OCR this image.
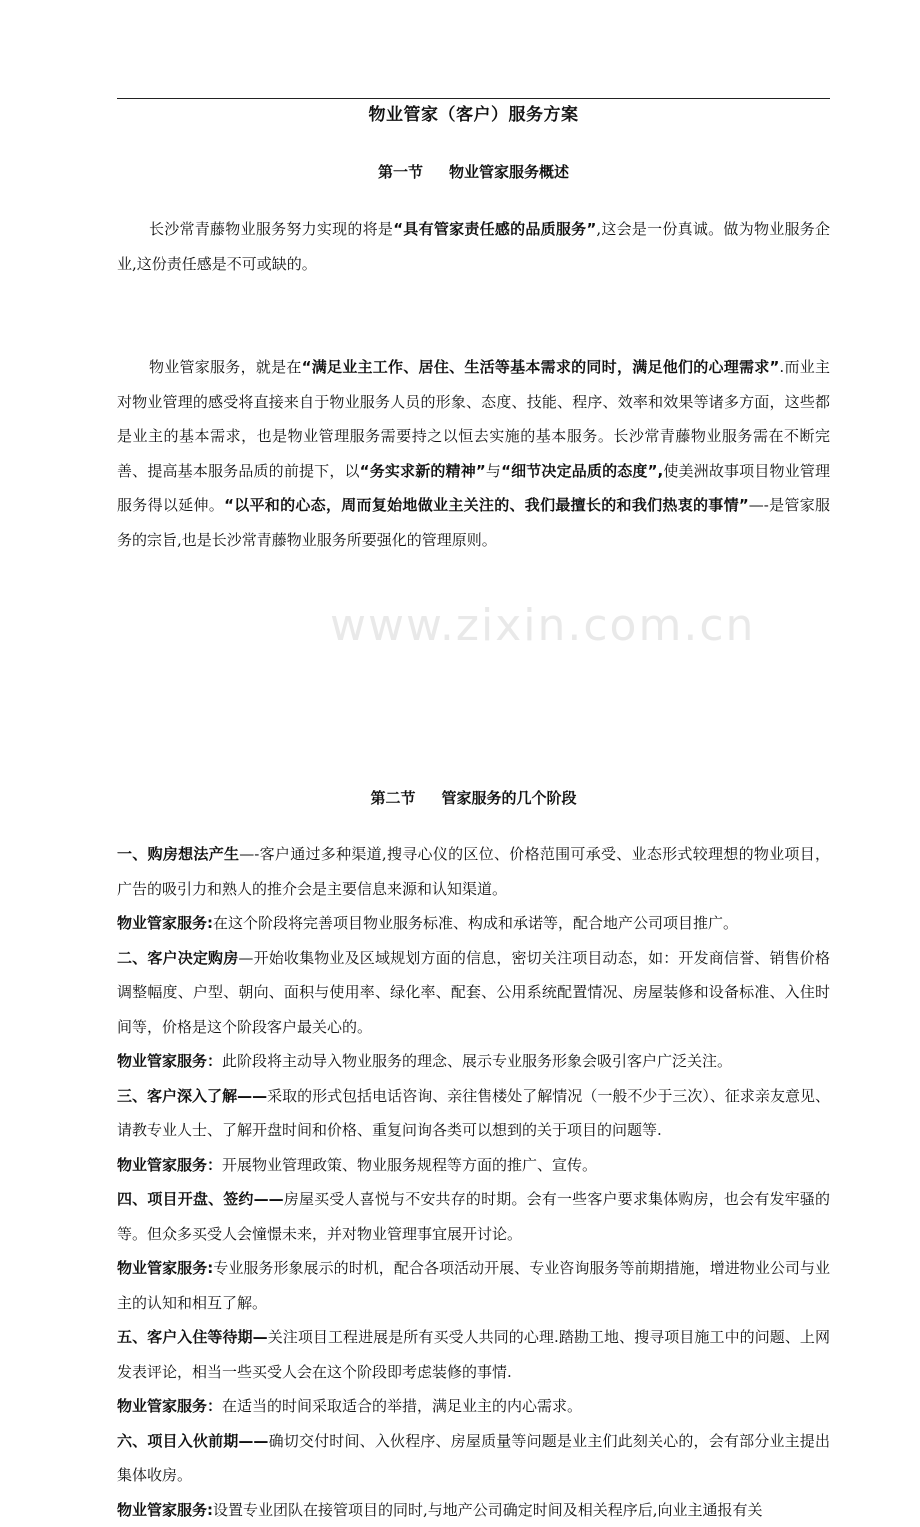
www.zixin.com.cn
物业管家（客户）服务方案
第一节 物业管家服务概述
长沙常青藤物业服务努力实现的将是“具有管家责任感的品质服务”,这会是一份真诚。做为物业服务企业,这份责任感是不可或缺的。
物业管家服务，就是在“满足业主工作、居住、生活等基本需求的同时，满足他们的心理需求”.而业主对物业管理的感受将直接来自于物业服务人员的形象、态度、技能、程序、效率和效果等诸多方面，这些都是业主的基本需求，也是物业管理服务需要持之以恒去实施的基本服务。长沙常青藤物业服务需在不断完善、提高基本服务品质的前提下，以“务实求新的精神”与“细节决定品质的态度”,使美洲故事项目物业管理服务得以延伸。“以平和的心态，周而复始地做业主关注的、我们最擅长的和我们热衷的事情”—-是管家服务的宗旨,也是长沙常青藤物业服务所要强化的管理原则。
第二节 管家服务的几个阶段
一、购房想法产生—-客户通过多种渠道,搜寻心仪的区位、价格范围可承受、业态形式较理想的物业项目，广告的吸引力和熟人的推介会是主要信息来源和认知渠道。
物业管家服务:在这个阶段将完善项目物业服务标准、构成和承诺等，配合地产公司项目推广。
二、客户决定购房—开始收集物业及区域规划方面的信息，密切关注项目动态，如：开发商信誉、销售价格调整幅度、户型、朝向、面积与使用率、绿化率、配套、公用系统配置情况、房屋装修和设备标准、入住时间等，价格是这个阶段客户最关心的。
物业管家服务：此阶段将主动导入物业服务的理念、展示专业服务形象会吸引客户广泛关注。
三、客户深入了解——采取的形式包括电话咨询、亲往售楼处了解情况（一般不少于三次）、征求亲友意见、请教专业人士、了解开盘时间和价格、重复问询各类可以想到的关于项目的问题等.
物业管家服务：开展物业管理政策、物业服务规程等方面的推广、宣传。
四、项目开盘、签约——房屋买受人喜悦与不安共存的时期。会有一些客户要求集体购房，也会有发牢骚的等。但众多买受人会憧憬未来，并对物业管理事宜展开讨论。
物业管家服务:专业服务形象展示的时机，配合各项活动开展、专业咨询服务等前期措施，增进物业公司与业主的认知和相互了解。
五、客户入住等待期—关注项目工程进展是所有买受人共同的心理.踏勘工地、搜寻项目施工中的问题、上网发表评论，相当一些买受人会在这个阶段即考虑装修的事情.
物业管家服务：在适当的时间采取适合的举措，满足业主的内心需求。
六、项目入伙前期——确切交付时间、入伙程序、房屋质量等问题是业主们此刻关心的，会有部分业主提出集体收房。
物业管家服务:设置专业团队在接管项目的同时,与地产公司确定时间及相关程序后,向业主通报有关
